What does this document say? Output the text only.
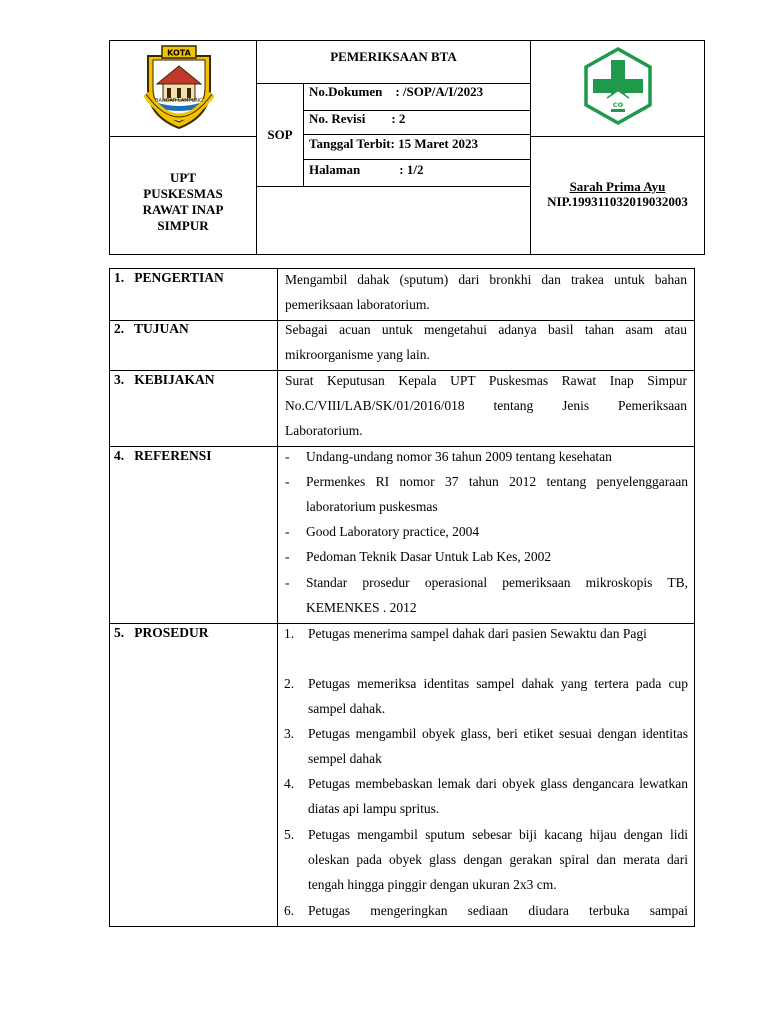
KOTA
BANDAR LAMPUNG
PEMERIKSAAN BTA
SOP
No.Dokumen    : /SOP/A/I/2023
No. Revisi        : 2
Tanggal Terbit: 15 Maret 2023
Halaman            : 1/2
UPT PUSKESMAS RAWAT INAP SIMPUR
CO
Sarah Prima Ayu
NIP.199311032019032003
1.   PENGERTIAN	Mengambil dahak (sputum) dari bronkhi dan trakea untuk bahan pemeriksaan laboratorium.
2.   TUJUAN	Sebagai acuan untuk mengetahui adanya basil tahan asam atau mikroorganisme yang lain.
3.   KEBIJAKAN	Surat Keputusan Kepala UPT Puskesmas Rawat Inap Simpur No.C/VIII/LAB/SK/01/2016/018 tentang Jenis Pemeriksaan Laboratorium.
4.   REFERENSI	- Undang-undang nomor 36 tahun 2009 tentang kesehatan
- Permenkes RI nomor 37 tahun 2012 tentang penyelenggaraan laboratorium puskesmas
- Good Laboratory practice, 2004
- Pedoman Teknik Dasar Untuk Lab Kes, 2002
- Standar prosedur operasional pemeriksaan mikroskopis TB, KEMENKES . 2012
5.   PROSEDUR	1. Petugas menerima sampel dahak dari pasien Sewaktu dan Pagi
2. Petugas memeriksa identitas sampel dahak yang tertera pada cup sampel dahak.
3. Petugas mengambil obyek glass, beri etiket sesuai dengan identitas sempel dahak
4. Petugas membebaskan lemak dari obyek glass dengancara lewatkan diatas api lampu spritus.
5. Petugas mengambil sputum sebesar biji kacang hijau dengan lidi oleskan pada obyek glass dengan gerakan spiral dan merata dari tengah hingga pinggir dengan ukuran 2x3 cm.
6. Petugas mengeringkan sediaan diudara terbuka sampai
